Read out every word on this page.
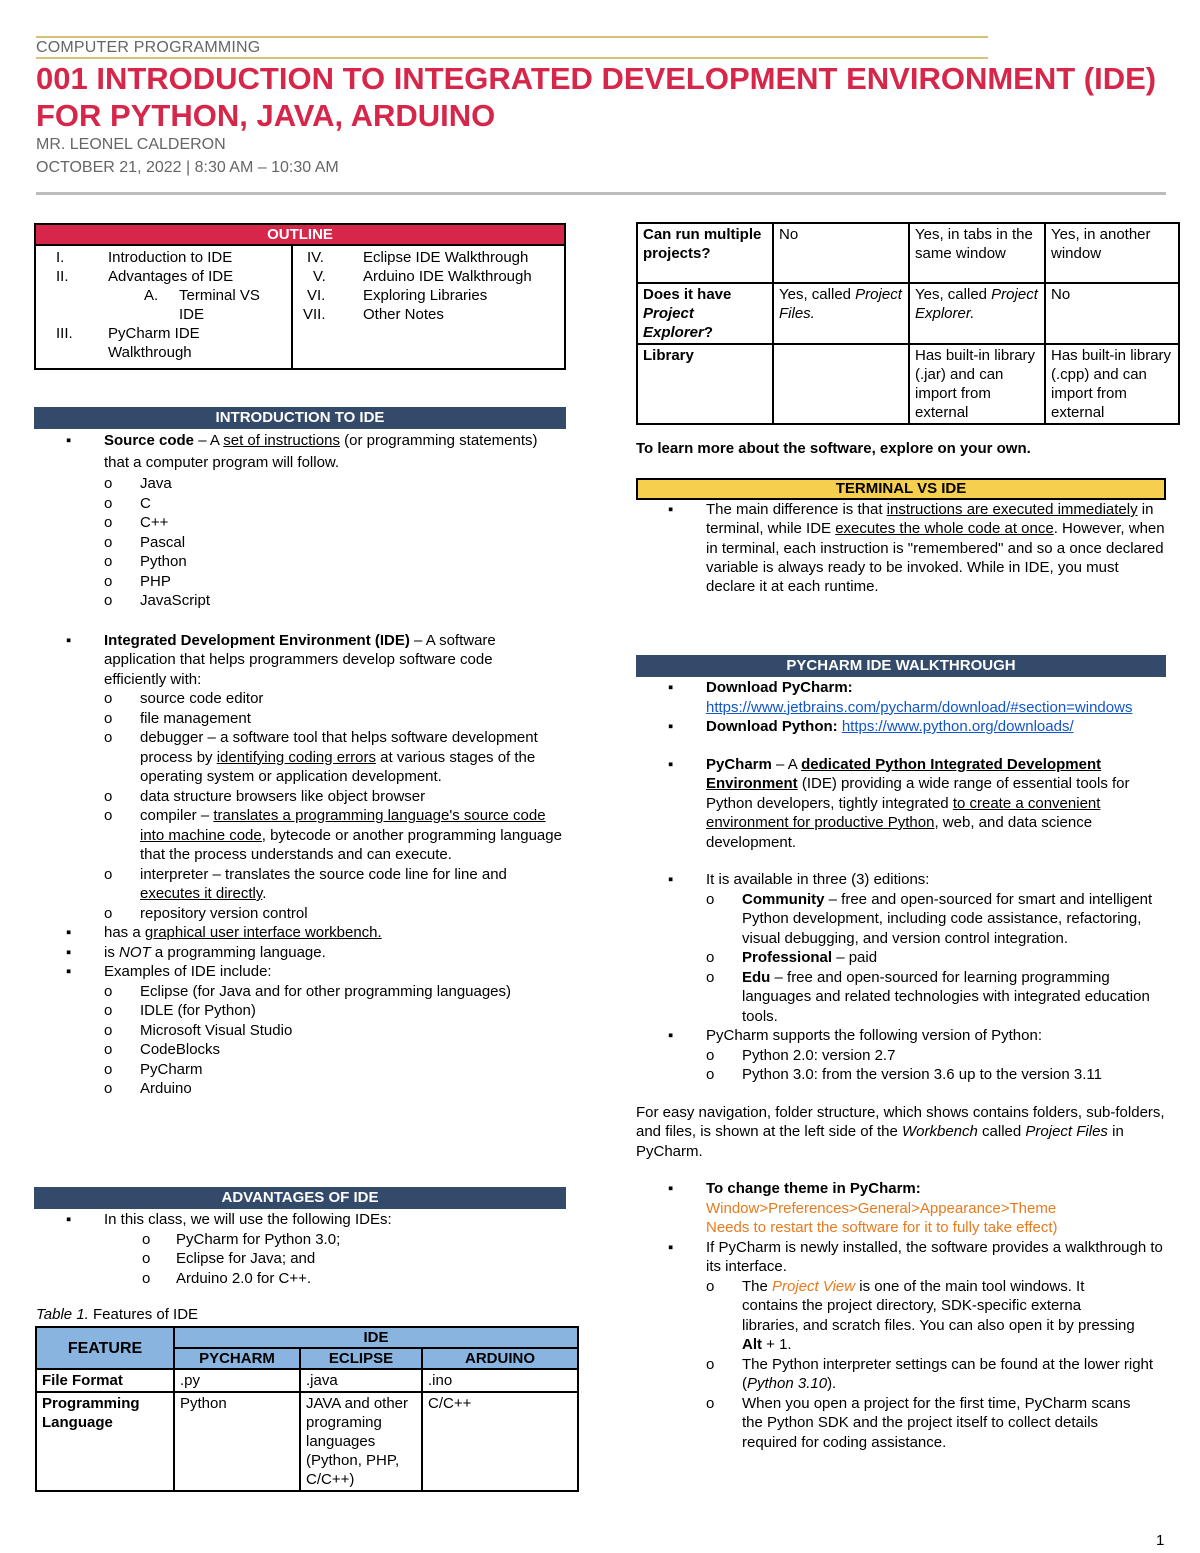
COMPUTER PROGRAMMING
001 INTRODUCTION TO INTEGRATED DEVELOPMENT ENVIRONMENT (IDE) FOR PYTHON, JAVA, ARDUINO
MR. LEONEL CALDERON
OCTOBER 21, 2022 | 8:30 AM – 10:30 AM
OUTLINE

I.	Introduction to IDE
II.	Advantages of IDE
A. Terminal VS IDE
III. PyCharm IDE Walkthrough

IV.	Eclipse IDE Walkthrough
V. Arduino IDE Walkthrough
VI.	Exploring Libraries
VII. Other Notes
INTRODUCTION TO IDE
▪ Source code – A set of instructions (or programming statements) that a computer program will follow.
o Java
o C
o C++
o Pascal
o Python
o PHP
o JavaScript
▪ Integrated Development Environment (IDE) – A software application that helps programmers develop software code efficiently with:
o source code editor
o file management
o debugger – a software tool that helps software development process by identifying coding errors at various stages of the operating system or application development.
o data structure browsers like object browser
o compiler – translates a programming language's source code into machine code, bytecode or another programming language that the process understands and can execute.
o interpreter – translates the source code line for line and executes it directly.
o repository version control
▪ has a graphical user interface workbench.
▪ is NOT a programming language.
▪ Examples of IDE include:
o Eclipse (for Java and for other programming languages)
o IDLE (for Python)
o Microsoft Visual Studio
o CodeBlocks
o PyCharm
o Arduino
ADVANTAGES OF IDE
▪ In this class, we will use the following IDEs:
o PyCharm for Python 3.0;
o Eclipse for Java; and
o Arduino 2.0 for C++.
Table 1. Features of IDE
FEATURE	IDE		
	PYCHARM	ECLIPSE	ARDUINO
File Format	.py	.java	.ino
Programming Language	Python	JAVA and other programing languages (Python, PHP, C/C++)	C/C++
Can run multiple projects?	No	Yes, in tabs in the same window	Yes, in another window
Does it have Project Explorer?	Yes, called Project Files.	Yes, called Project Explorer.	No
Library		Has built-in library (.jar) and can import from external	Has built-in library (.cpp) and can import from external
To learn more about the software, explore on your own.
TERMINAL VS IDE
▪ The main difference is that instructions are executed immediately in terminal, while IDE executes the whole code at once. However, when in terminal, each instruction is "remembered" and so a once declared variable is always ready to be invoked. While in IDE, you must declare it at each runtime.
PYCHARM IDE WALKTHROUGH
▪ Download PyCharm:
https://www.jetbrains.com/pycharm/download/#section=windows
▪ Download Python: https://www.python.org/downloads/
▪ PyCharm – A dedicated Python Integrated Development Environment (IDE) providing a wide range of essential tools for Python developers, tightly integrated to create a convenient environment for productive Python, web, and data science development.
▪ It is available in three (3) editions:
o Community – free and open-sourced for smart and intelligent Python development, including code assistance, refactoring, visual debugging, and version control integration.
o Professional – paid
o Edu – free and open-sourced for learning programming languages and related technologies with integrated education tools.
▪ PyCharm supports the following version of Python:
o Python 2.0: version 2.7
o Python 3.0: from the version 3.6 up to the version 3.11
For easy navigation, folder structure, which shows contains folders, sub-folders, and files, is shown at the left side of the Workbench called Project Files in PyCharm.
▪ To change theme in PyCharm:
Window>Preferences>General>Appearance>Theme
Needs to restart the software for it to fully take effect)
▪ If PyCharm is newly installed, the software provides a walkthrough to its interface.
o The Project View is one of the main tool windows. It contains the project directory, SDK-specific externa libraries, and scratch files. You can also open it by pressing Alt + 1.
o The Python interpreter settings can be found at the lower right (Python 3.10).
o When you open a project for the first time, PyCharm scans the Python SDK and the project itself to collect details required for coding assistance.
1
